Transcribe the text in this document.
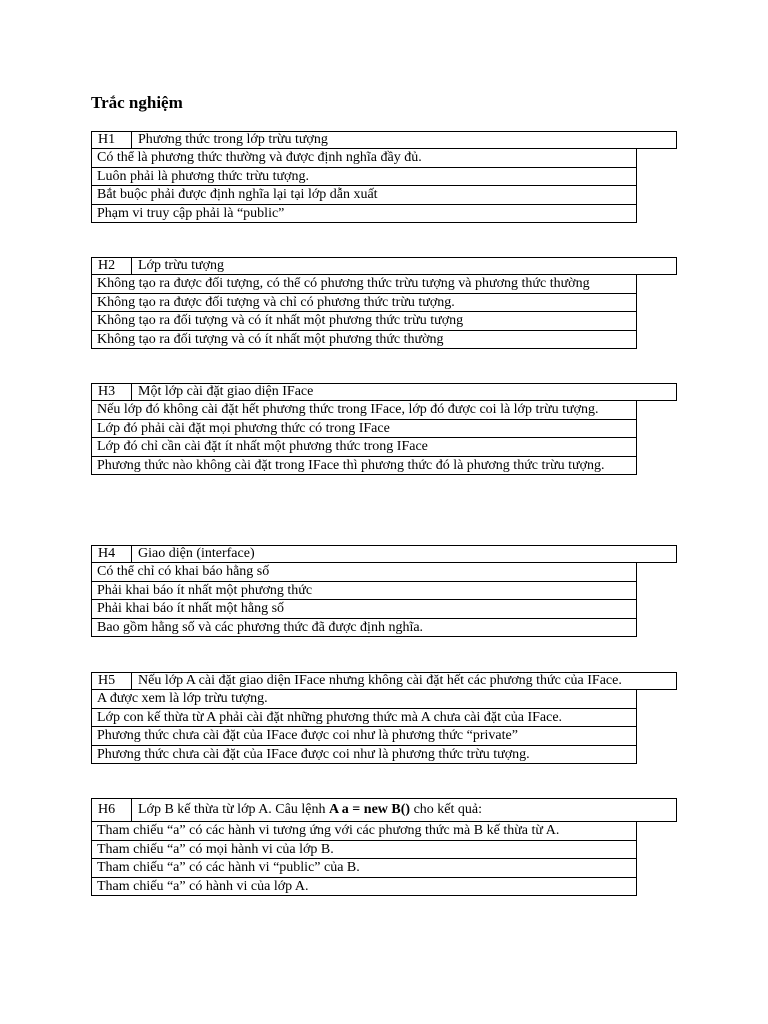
Trắc nghiệm
H1	Phương thức trong lớp trừu tượng
Có thể là phương thức thường và được định nghĩa đầy đủ.
Luôn phải là phương thức trừu tượng.
Bắt buộc phải được định nghĩa lại tại lớp dẫn xuất
Phạm vi truy cập phải là “public”
H2	Lớp trừu tượng
Không tạo ra được đối tượng, có thể có phương thức trừu tượng và phương thức thường
Không tạo ra được đối tượng và chỉ có phương thức trừu tượng.
Không tạo ra đối tượng và có ít nhất một phương thức trừu tượng
Không tạo ra đối tượng và có ít nhất một phương thức thường
H3	Một lớp cài đặt giao diện IFace
Nếu lớp đó không cài đặt hết phương thức trong IFace, lớp đó được coi là lớp trừu tượng.
Lớp đó phải cài đặt mọi phương thức có trong IFace
Lớp đó chỉ cần cài đặt ít nhất một phương thức trong IFace
Phương thức nào không cài đặt trong IFace thì phương thức đó là phương thức trừu tượng.
H4	Giao diện (interface)
Có thể chỉ có khai báo hằng số
Phải khai báo ít nhất một phương thức
Phải khai báo ít nhất một hằng số
Bao gồm hằng số và các phương thức đã được định nghĩa.
H5	Nếu lớp A cài đặt giao diện IFace nhưng không cài đặt hết các phương thức của IFace.
A được xem là lớp trừu tượng.
Lớp con kế thừa từ A phải cài đặt những phương thức mà A chưa cài đặt của IFace.
Phương thức chưa cài đặt của IFace được coi như là phương thức “private”
Phương thức chưa cài đặt của IFace được coi như là phương thức trừu tượng.
H6	Lớp B kế thừa từ lớp A. Câu lệnh A a = new B() cho kết quả:
Tham chiếu “a” có các hành vi tương ứng với các phương thức mà B kế thừa từ A.
Tham chiếu “a” có mọi hành vi của lớp B.
Tham chiếu “a” có các hành vi “public” của B.
Tham chiếu “a” có hành vi của lớp A.
